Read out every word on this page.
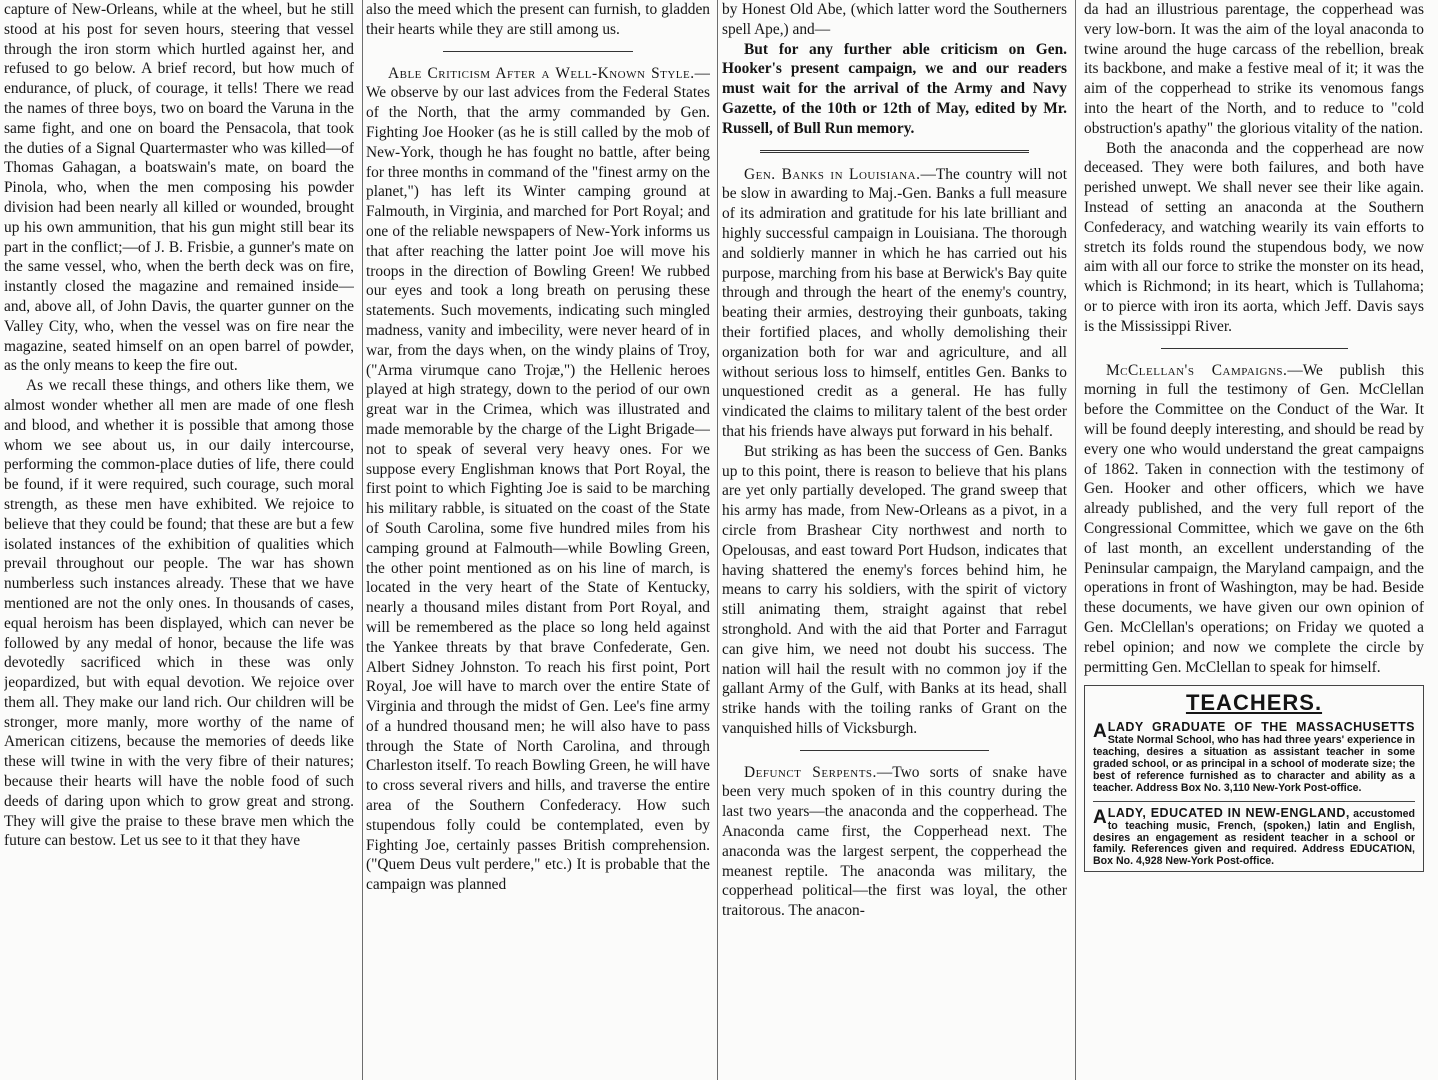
capture of New-Orleans, while at the wheel, but he still stood at his post for seven hours, steering that vessel through the iron storm which hurtled against her, and refused to go below. A brief record, but how much of endurance, of pluck, of courage, it tells! There we read the names of three boys, two on board the Varuna in the same fight, and one on board the Pensacola, that took the duties of a Signal Quartermaster who was killed—of Thomas Gahagan, a boatswain's mate, on board the Pinola, who, when the men composing his powder division had been nearly all killed or wounded, brought up his own ammunition, that his gun might still bear its part in the conflict;—of J. B. Frisbie, a gunner's mate on the same vessel, who, when the berth deck was on fire, instantly closed the magazine and remained inside—and, above all, of John Davis, the quarter gunner on the Valley City, who, when the vessel was on fire near the magazine, seated himself on an open barrel of powder, as the only means to keep the fire out.

As we recall these things, and others like them, we almost wonder whether all men are made of one flesh and blood, and whether it is possible that among those whom we see about us, in our daily intercourse, performing the common-place duties of life, there could be found, if it were required, such courage, such moral strength, as these men have exhibited. We rejoice to believe that they could be found; that these are but a few isolated instances of the exhibition of qualities which prevail throughout our people. The war has shown numberless such instances already. These that we have mentioned are not the only ones. In thousands of cases, equal heroism has been displayed, which can never be followed by any medal of honor, because the life was devotedly sacrificed which in these was only jeopardized, but with equal devotion. We rejoice over them all. They make our land rich. Our children will be stronger, more manly, more worthy of the name of American citizens, because the memories of deeds like these will twine in with the very fibre of their natures; because their hearts will have the noble food of such deeds of daring upon which to grow great and strong. They will give the praise to these brave men which the future can bestow. Let us see to it that they have

also the meed which the present can furnish, to gladden their hearts while they are still among us.

Able Criticism After a Well-Known Style.—We observe by our last advices from the Federal States of the North, that the army commanded by Gen. Fighting Joe Hooker (as he is still called by the mob of New-York, though he has fought no battle, after being for three months in command of the "finest army on the planet,") has left its Winter camping ground at Falmouth, in Virginia, and marched for Port Royal; and one of the reliable newspapers of New-York informs us that after reaching the latter point Joe will move his troops in the direction of Bowling Green! We rubbed our eyes and took a long breath on perusing these statements. Such movements, indicating such mingled madness, vanity and imbecility, were never heard of in war, from the days when, on the windy plains of Troy, ("Arma virumque cano Trojæ,") the Hellenic heroes played at high strategy, down to the period of our own great war in the Crimea, which was illustrated and made memorable by the charge of the Light Brigade—not to speak of several very heavy ones. For we suppose every Englishman knows that Port Royal, the first point to which Fighting Joe is said to be marching his military rabble, is situated on the coast of the State of South Carolina, some five hundred miles from his camping ground at Falmouth—while Bowling Green, the other point mentioned as on his line of march, is located in the very heart of the State of Kentucky, nearly a thousand miles distant from Port Royal, and will be remembered as the place so long held against the Yankee threats by that brave Confederate, Gen. Albert Sidney Johnston. To reach his first point, Port Royal, Joe will have to march over the entire State of Virginia and through the midst of Gen. Lee's fine army of a hundred thousand men; he will also have to pass through the State of North Carolina, and through Charleston itself. To reach Bowling Green, he will have to cross several rivers and hills, and traverse the entire area of the Southern Confederacy. How such stupendous folly could be contemplated, even by Fighting Joe, certainly passes British comprehension. ("Quem Deus vult perdere," etc.) It is probable that the campaign was planned

by Honest Old Abe, (which latter word the Southerners spell Ape,) and—

But for any further able criticism on Gen. Hooker's present campaign, we and our readers must wait for the arrival of the Army and Navy Gazette, of the 10th or 12th of May, edited by Mr. Russell, of Bull Run memory.

Gen. Banks in Louisiana.—The country will not be slow in awarding to Maj.-Gen. Banks a full measure of its admiration and gratitude for his late brilliant and highly successful campaign in Louisiana. The thorough and soldierly manner in which he has carried out his purpose, marching from his base at Berwick's Bay quite through and through the heart of the enemy's country, beating their armies, destroying their gunboats, taking their fortified places, and wholly demolishing their organization both for war and agriculture, and all without serious loss to himself, entitles Gen. Banks to unquestioned credit as a general. He has fully vindicated the claims to military talent of the best order that his friends have always put forward in his behalf.

But striking as has been the success of Gen. Banks up to this point, there is reason to believe that his plans are yet only partially developed. The grand sweep that his army has made, from New-Orleans as a pivot, in a circle from Brashear City northwest and north to Opelousas, and east toward Port Hudson, indicates that having shattered the enemy's forces behind him, he means to carry his soldiers, with the spirit of victory still animating them, straight against that rebel stronghold. And with the aid that Porter and Farragut can give him, we need not doubt his success. The nation will hail the result with no common joy if the gallant Army of the Gulf, with Banks at its head, shall strike hands with the toiling ranks of Grant on the vanquished hills of Vicksburgh.

Defunct Serpents.—Two sorts of snake have been very much spoken of in this country during the last two years—the anaconda and the copperhead. The Anaconda came first, the Copperhead next. The anaconda was the largest serpent, the copperhead the meanest reptile. The anaconda was military, the copperhead political—the first was loyal, the other traitorous. The anacon-

da had an illustrious parentage, the copperhead was very low-born. It was the aim of the loyal anaconda to twine around the huge carcass of the rebellion, break its backbone, and make a festive meal of it; it was the aim of the copperhead to strike its venomous fangs into the heart of the North, and to reduce to "cold obstruction's apathy" the glorious vitality of the nation.

Both the anaconda and the copperhead are now deceased. They were both failures, and both have perished unwept. We shall never see their like again. Instead of setting an anaconda at the Southern Confederacy, and watching wearily its vain efforts to stretch its folds round the stupendous body, we now aim with all our force to strike the monster on its head, which is Richmond; in its heart, which is Tullahoma; or to pierce with iron its aorta, which Jeff. Davis says is the Mississippi River.

McClellan's Campaigns.—We publish this morning in full the testimony of Gen. McClellan before the Committee on the Conduct of the War. It will be found deeply interesting, and should be read by every one who would understand the great campaigns of 1862. Taken in connection with the testimony of Gen. Hooker and other officers, which we have already published, and the very full report of the Congressional Committee, which we gave on the 6th of last month, an excellent understanding of the Peninsular campaign, the Maryland campaign, and the operations in front of Washington, may be had. Beside these documents, we have given our own opinion of Gen. McClellan's operations; on Friday we quoted a rebel opinion; and now we complete the circle by permitting Gen. McClellan to speak for himself.

TEACHERS.
ALADY GRADUATE OF THE MASSACHUSETTS State Normal School, who has had three years' experience in teaching, desires a situation as assistant teacher in some graded school, or as principal in a school of moderate size; the best of reference furnished as to character and ability as a teacher. Address Box No. 3,110 New-York Post-office.
ALADY, EDUCATED IN NEW-ENGLAND, accustomed to teaching music, French, (spoken,) latin and English, desires an engagement as resident teacher in a school or family. References given and required. Address EDUCATION, Box No. 4,928 New-York Post-office.
